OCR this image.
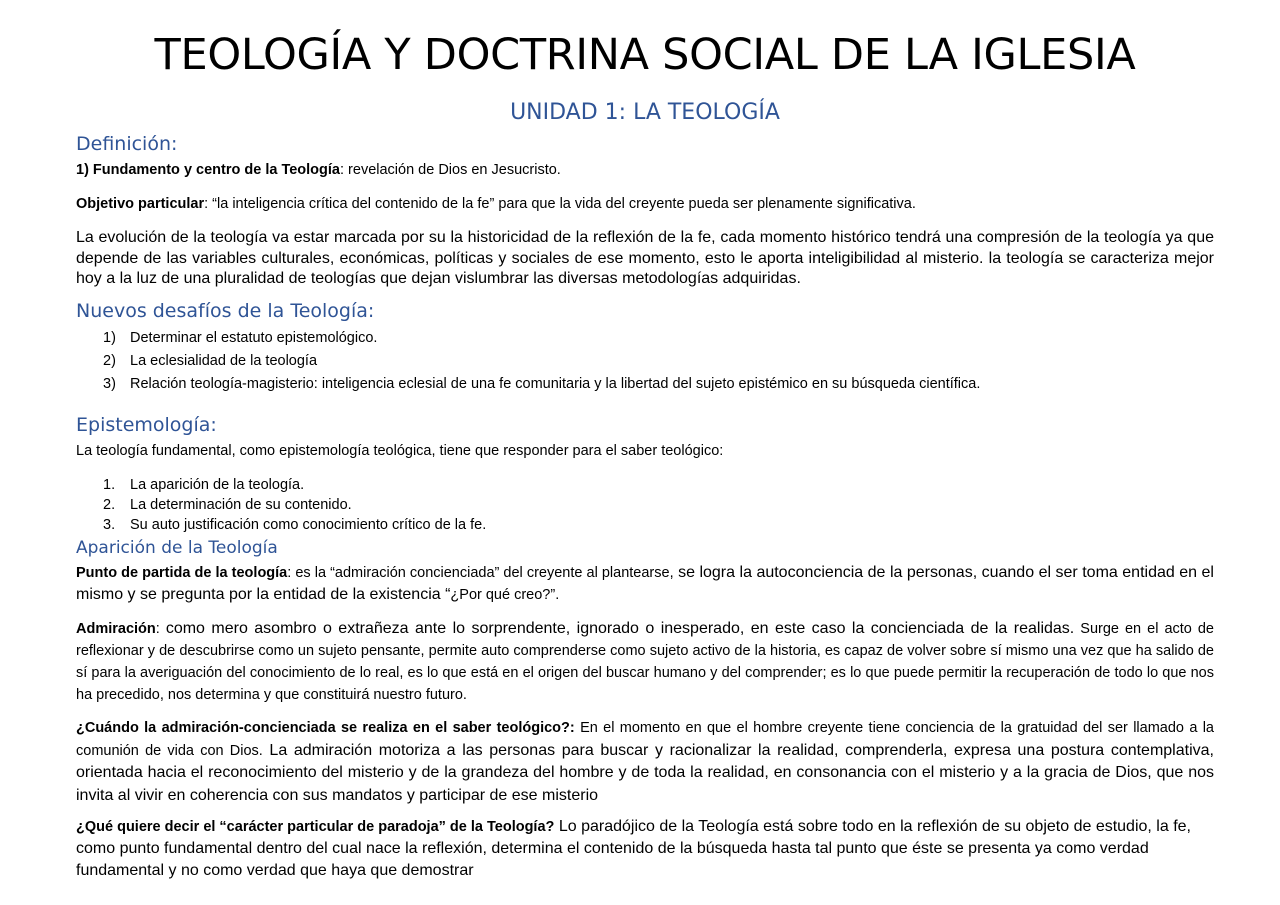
TEOLOGÍA Y DOCTRINA SOCIAL DE LA IGLESIA
UNIDAD 1: LA TEOLOGÍA
Definición:
1) Fundamento y centro de la Teología: revelación de Dios en Jesucristo.
Objetivo particular: “la inteligencia crítica del contenido de la fe” para que la vida del creyente pueda ser plenamente significativa.
La evolución de la teología va estar marcada por su la historicidad de la reflexión de la fe, cada momento histórico tendrá una compresión de la teología ya que depende de las variables culturales, económicas, políticas y sociales de ese momento, esto le aporta inteligibilidad al misterio. la teología se caracteriza mejor hoy a la luz de una pluralidad de teologías que dejan vislumbrar las diversas metodologías adquiridas.
Nuevos desafíos de la Teología:
1) Determinar el estatuto epistemológico.
2) La eclesialidad de la teología
3) Relación teología-magisterio: inteligencia eclesial de una fe comunitaria y la libertad del sujeto epistémico en su búsqueda científica.
Epistemología:
La teología fundamental, como epistemología teológica, tiene que responder para el saber teológico:
1. La aparición de la teología.
2. La determinación de su contenido.
3. Su auto justificación como conocimiento crítico de la fe.
Aparición de la Teología
Punto de partida de la teología: es la “admiración concienciada” del creyente al plantearse, se logra la autoconciencia de la personas, cuando el ser toma entidad en el mismo y se pregunta por la entidad de la existencia “¿Por qué creo?”.
Admiración: como mero asombro o extrañeza ante lo sorprendente, ignorado o inesperado, en este caso la concienciada de la realidas. Surge en el acto de reflexionar y de descubrirse como un sujeto pensante, permite auto comprenderse como sujeto activo de la historia, es capaz de volver sobre sí mismo una vez que ha salido de sí para la averiguación del conocimiento de lo real, es lo que está en el origen del buscar humano y del comprender; es lo que puede permitir la recuperación de todo lo que nos ha precedido, nos determina y que constituirá nuestro futuro.
¿Cuándo la admiración-concienciada se realiza en el saber teológico?: En el momento en que el hombre creyente tiene conciencia de la gratuidad del ser llamado a la comunión de vida con Dios. La admiración motoriza a las personas para buscar y racionalizar la realidad, comprenderla, expresa una postura contemplativa, orientada hacia el reconocimiento del misterio y de la grandeza del hombre y de toda la realidad, en consonancia con el misterio y a la gracia de Dios, que nos invita al vivir en coherencia con sus mandatos y participar de ese misterio
¿Qué quiere decir el “carácter particular de paradoja” de la Teología? Lo paradójico de la Teología está sobre todo en la reflexión de su objeto de estudio, la fe, como punto fundamental dentro del cual nace la reflexión, determina el contenido de la búsqueda hasta tal punto que éste se presenta ya como verdad fundamental y no como verdad que haya que demostrar
